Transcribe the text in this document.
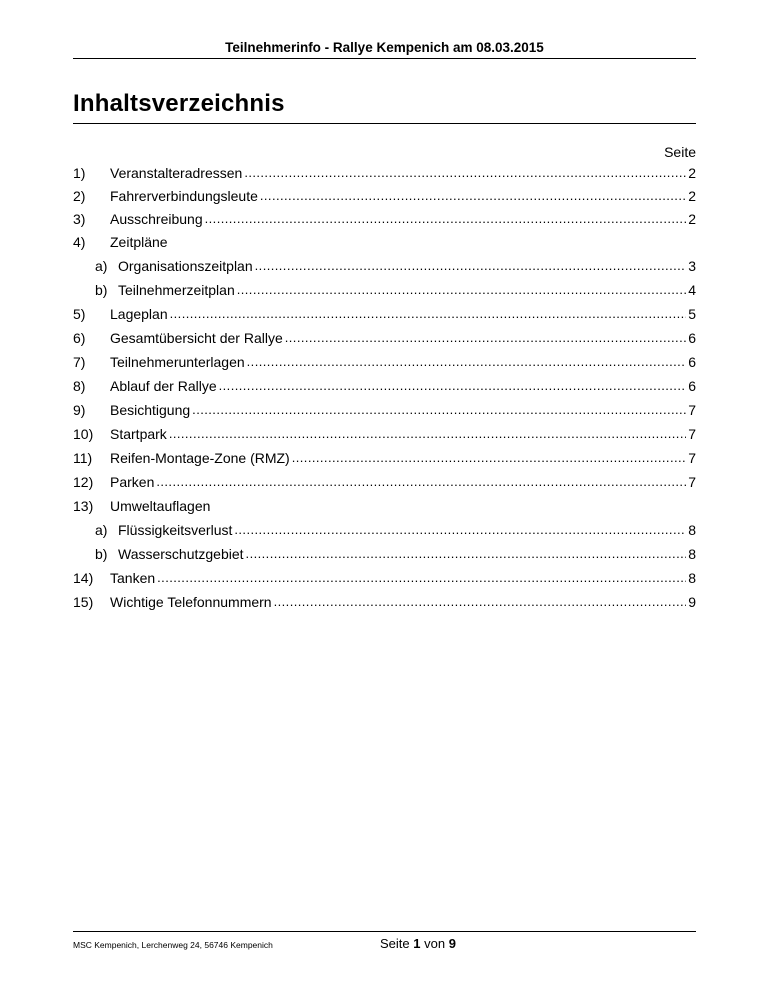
Teilnehmerinfo - Rallye Kempenich am 08.03.2015
Inhaltsverzeichnis
Seite
1)	Veranstalteradressen . . .	2
2)	Fahrerverbindungsleute . . .	2
3)	Ausschreibung . . .	2
4)	Zeitpläne
a) Organisationszeitplan . . .	3
b) Teilnehmerzeitplan . . .	4
5)	Lageplan . . .	5
6)	Gesamtübersicht der Rallye . . .	6
7)	Teilnehmerunterlagen . . .	6
8)	Ablauf der Rallye . . .	6
9)	Besichtigung . . .	7
10)	Startpark . . .	7
11)	Reifen-Montage-Zone (RMZ) . . .	7
12)	Parken . . .	7
13)	Umweltauflagen
a) Flüssigkeitsverlust . . .	8
b) Wasserschutzgebiet . . .	8
14)	Tanken . . .	8
15)	Wichtige Telefonnummern . . .	9
MSC Kempenich, Lerchenweg 24, 56746 Kempenich	Seite 1 von 9
